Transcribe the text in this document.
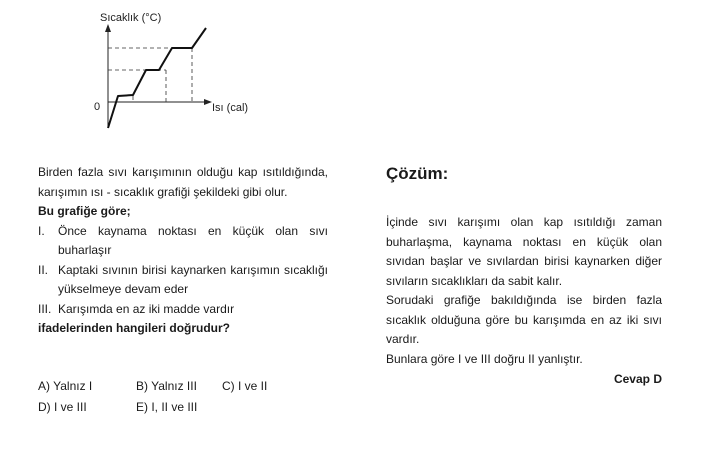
Sıcaklık (°C)
Isı (cal)
0
Birden fazla sıvı karışımının olduğu kap ısıtıldığında, karışımın ısı - sıcaklık grafiği şekildeki gibi olur.
Bu grafiğe göre;
I.	Önce kaynama noktası en küçük olan sıvı buharlaşır
II. Kaptaki sıvının birisi kaynarken karışımın sıcaklığı yükselmeye devam eder
III. Karışımda en az iki madde vardır
ifadelerinden hangileri doğrudur?
A) Yalnız I	B) Yalnız III C) I ve II
D) I ve III	E) I, II ve III
Çözüm:
İçinde sıvı karışımı olan kap ısıtıldığı zaman buharlaşma, kaynama noktası en küçük olan sıvıdan başlar ve sıvılardan birisi kaynarken diğer sıvıların sıcaklıkları da sabit kalır.
Sorudaki grafiğe bakıldığında ise birden fazla sıcaklık olduğuna göre bu karışımda en az iki sıvı vardır.
Bunlara göre I ve III doğru II yanlıştır.
Cevap D
